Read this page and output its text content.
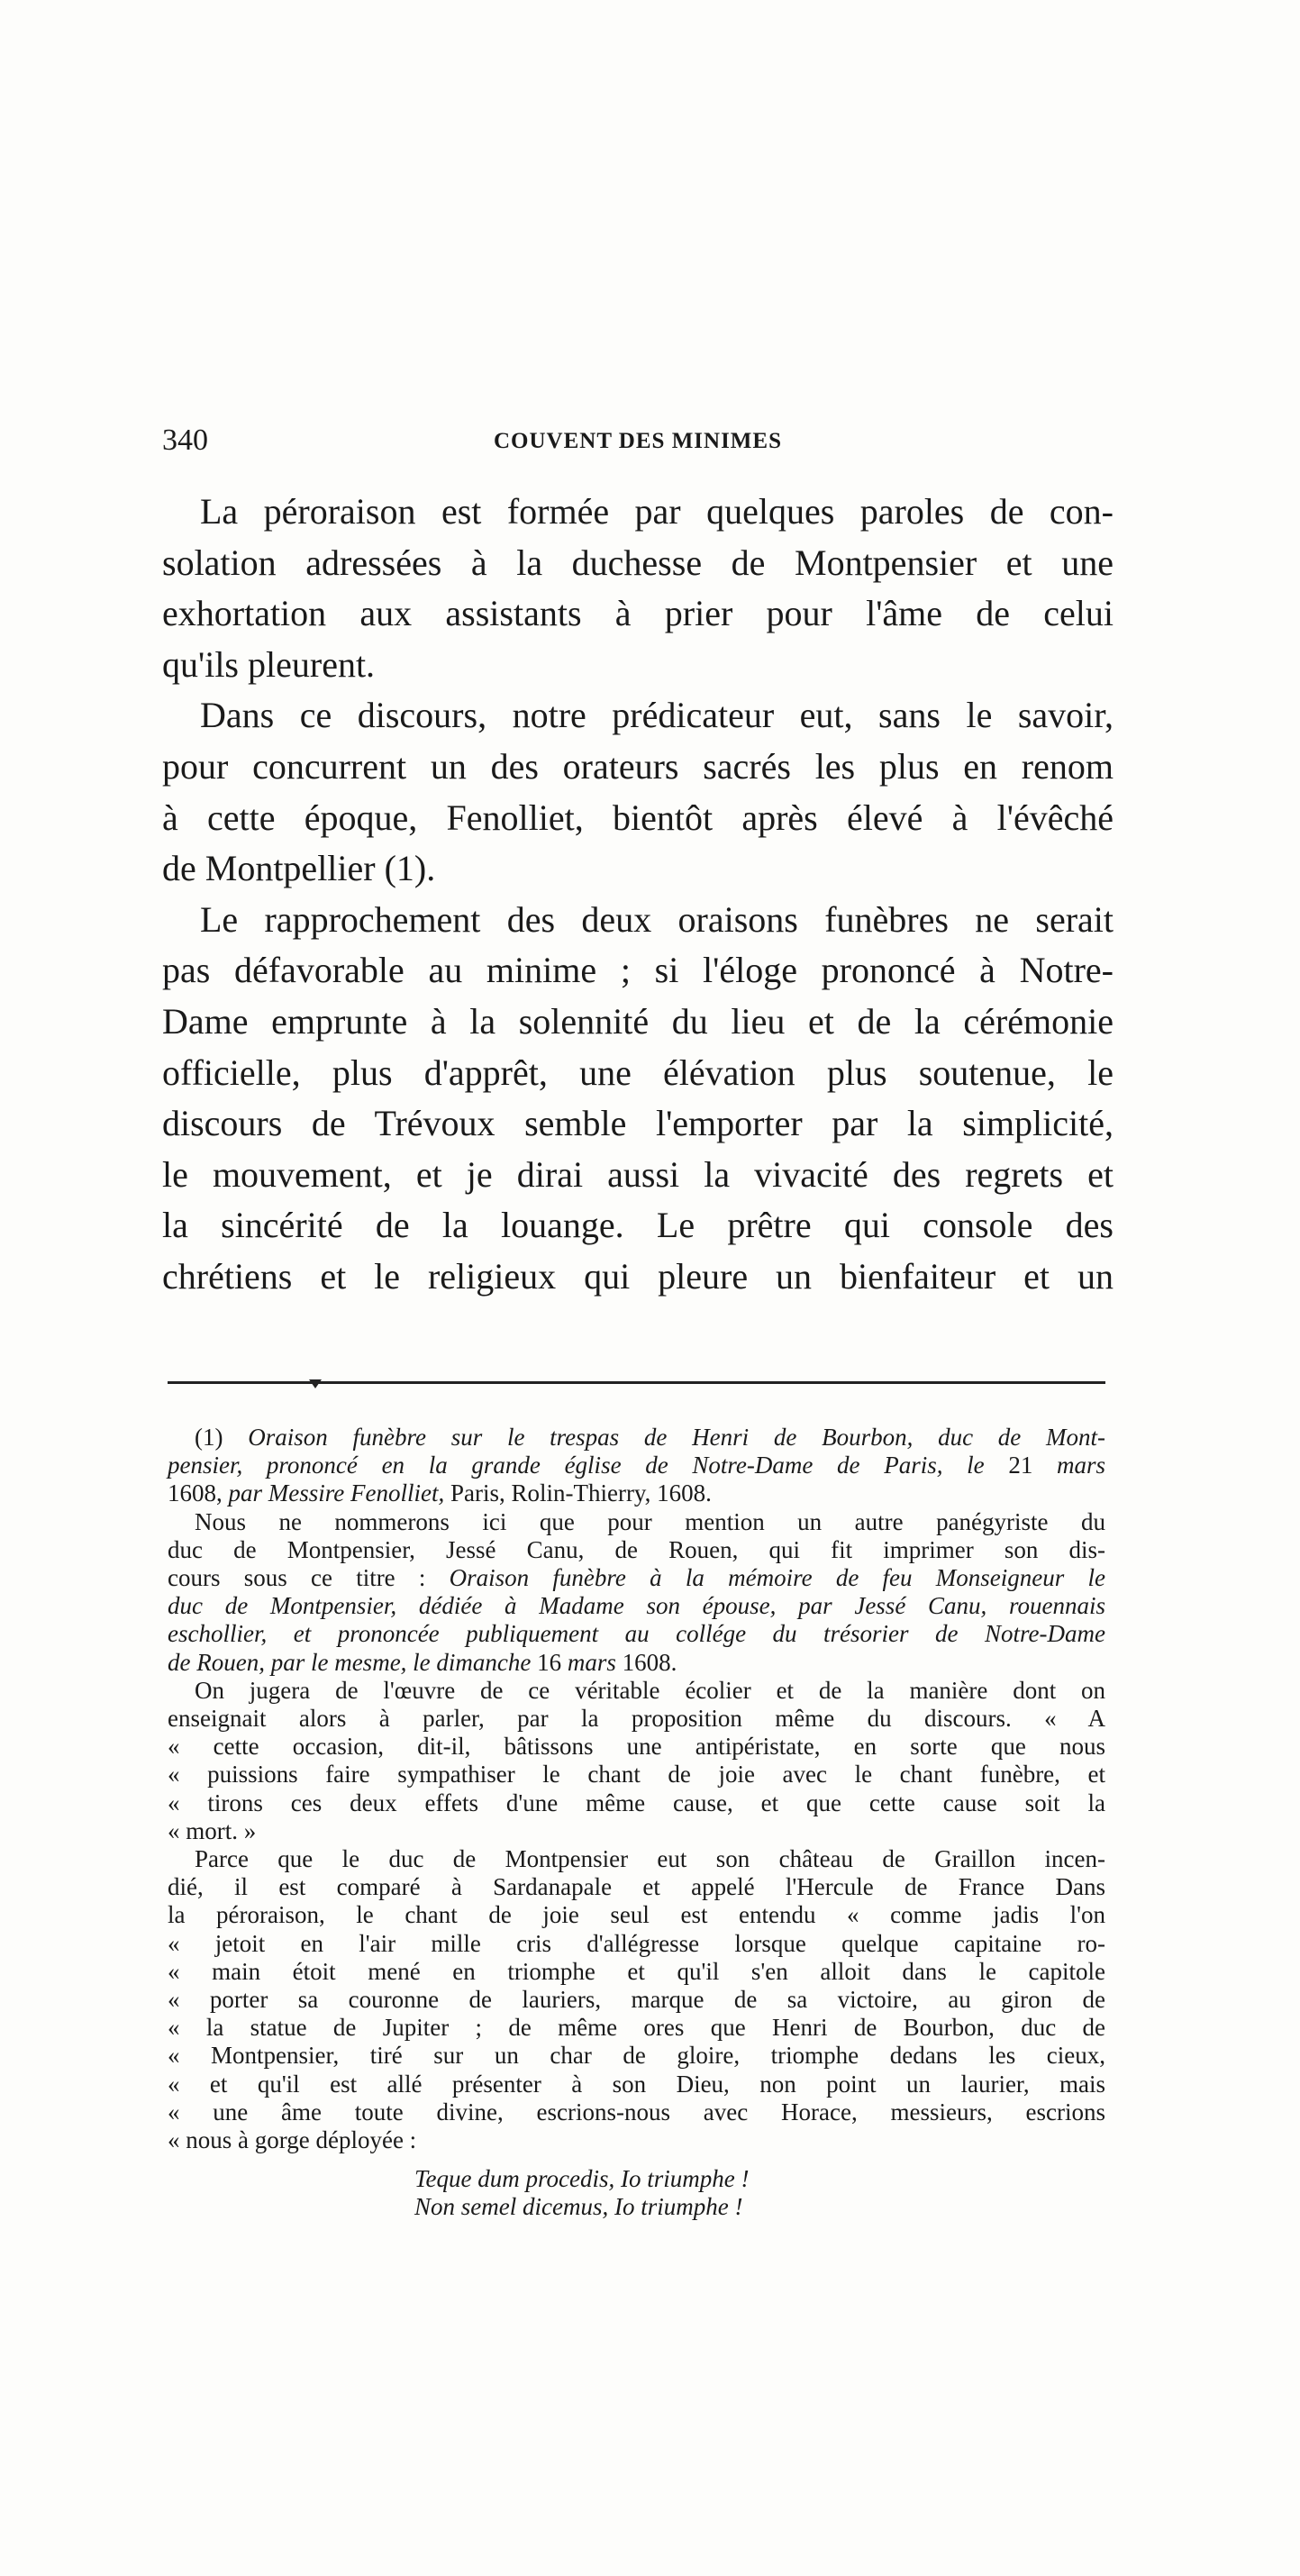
340	COUVENT DES MINIMES
La péroraison est formée par quelques paroles de con-
solation adressées à la duchesse de Montpensier et une
exhortation aux assistants à prier pour l'âme de celui
qu'ils pleurent.
Dans ce discours, notre prédicateur eut, sans le savoir,
pour concurrent un des orateurs sacrés les plus en renom
à cette époque, Fenolliet, bientôt après élevé à l'évêché
de Montpellier (1).
Le rapprochement des deux oraisons funèbres ne serait
pas défavorable au minime ; si l'éloge prononcé à Notre-
Dame emprunte à la solennité du lieu et de la cérémonie
officielle, plus d'apprêt, une élévation plus soutenue, le
discours de Trévoux semble l'emporter par la simplicité,
le mouvement, et je dirai aussi la vivacité des regrets et
la sincérité de la louange. Le prêtre qui console des
chrétiens et le religieux qui pleure un bienfaiteur et un
(1) Oraison funèbre sur le trespas de Henri de Bourbon, duc de Mont-
pensier, prononcé en la grande église de Notre-Dame de Paris, le 21 mars
1608, par Messire Fenolliet, Paris, Rolin-Thierry, 1608.
Nous ne nommerons ici que pour mention un autre panégyriste du
duc de Montpensier, Jessé Canu, de Rouen, qui fit imprimer son dis-
cours sous ce titre : Oraison funèbre à la mémoire de feu Monseigneur le
duc de Montpensier, dédiée à Madame son épouse, par Jessé Canu, rouennais
eschollier, et prononcée publiquement au collége du trésorier de Notre-Dame
de Rouen, par le mesme, le dimanche 16 mars 1608.
On jugera de l'œuvre de ce véritable écolier et de la manière dont on
enseignait alors à parler, par la proposition même du discours. « A
« cette occasion, dit-il, bâtissons une antipéristate, en sorte que nous
« puissions faire sympathiser le chant de joie avec le chant funèbre, et
« tirons ces deux effets d'une même cause, et que cette cause soit la
« mort. »
Parce que le duc de Montpensier eut son château de Graillon incen-
dié, il est comparé à Sardanapale et appelé l'Hercule de France Dans
la péroraison, le chant de joie seul est entendu « comme jadis l'on
« jetoit en l'air mille cris d'allégresse lorsque quelque capitaine ro-
« main étoit mené en triomphe et qu'il s'en alloit dans le capitole
« porter sa couronne de lauriers, marque de sa victoire, au giron de
« la statue de Jupiter ; de même ores que Henri de Bourbon, duc de
« Montpensier, tiré sur un char de gloire, triomphe dedans les cieux,
« et qu'il est allé présenter à son Dieu, non point un laurier, mais
« une âme toute divine, escrions-nous avec Horace, messieurs, escrions
« nous à gorge déployée :
Teque dum procedis, Io triumphe !
Non semel dicemus, Io triumphe !
